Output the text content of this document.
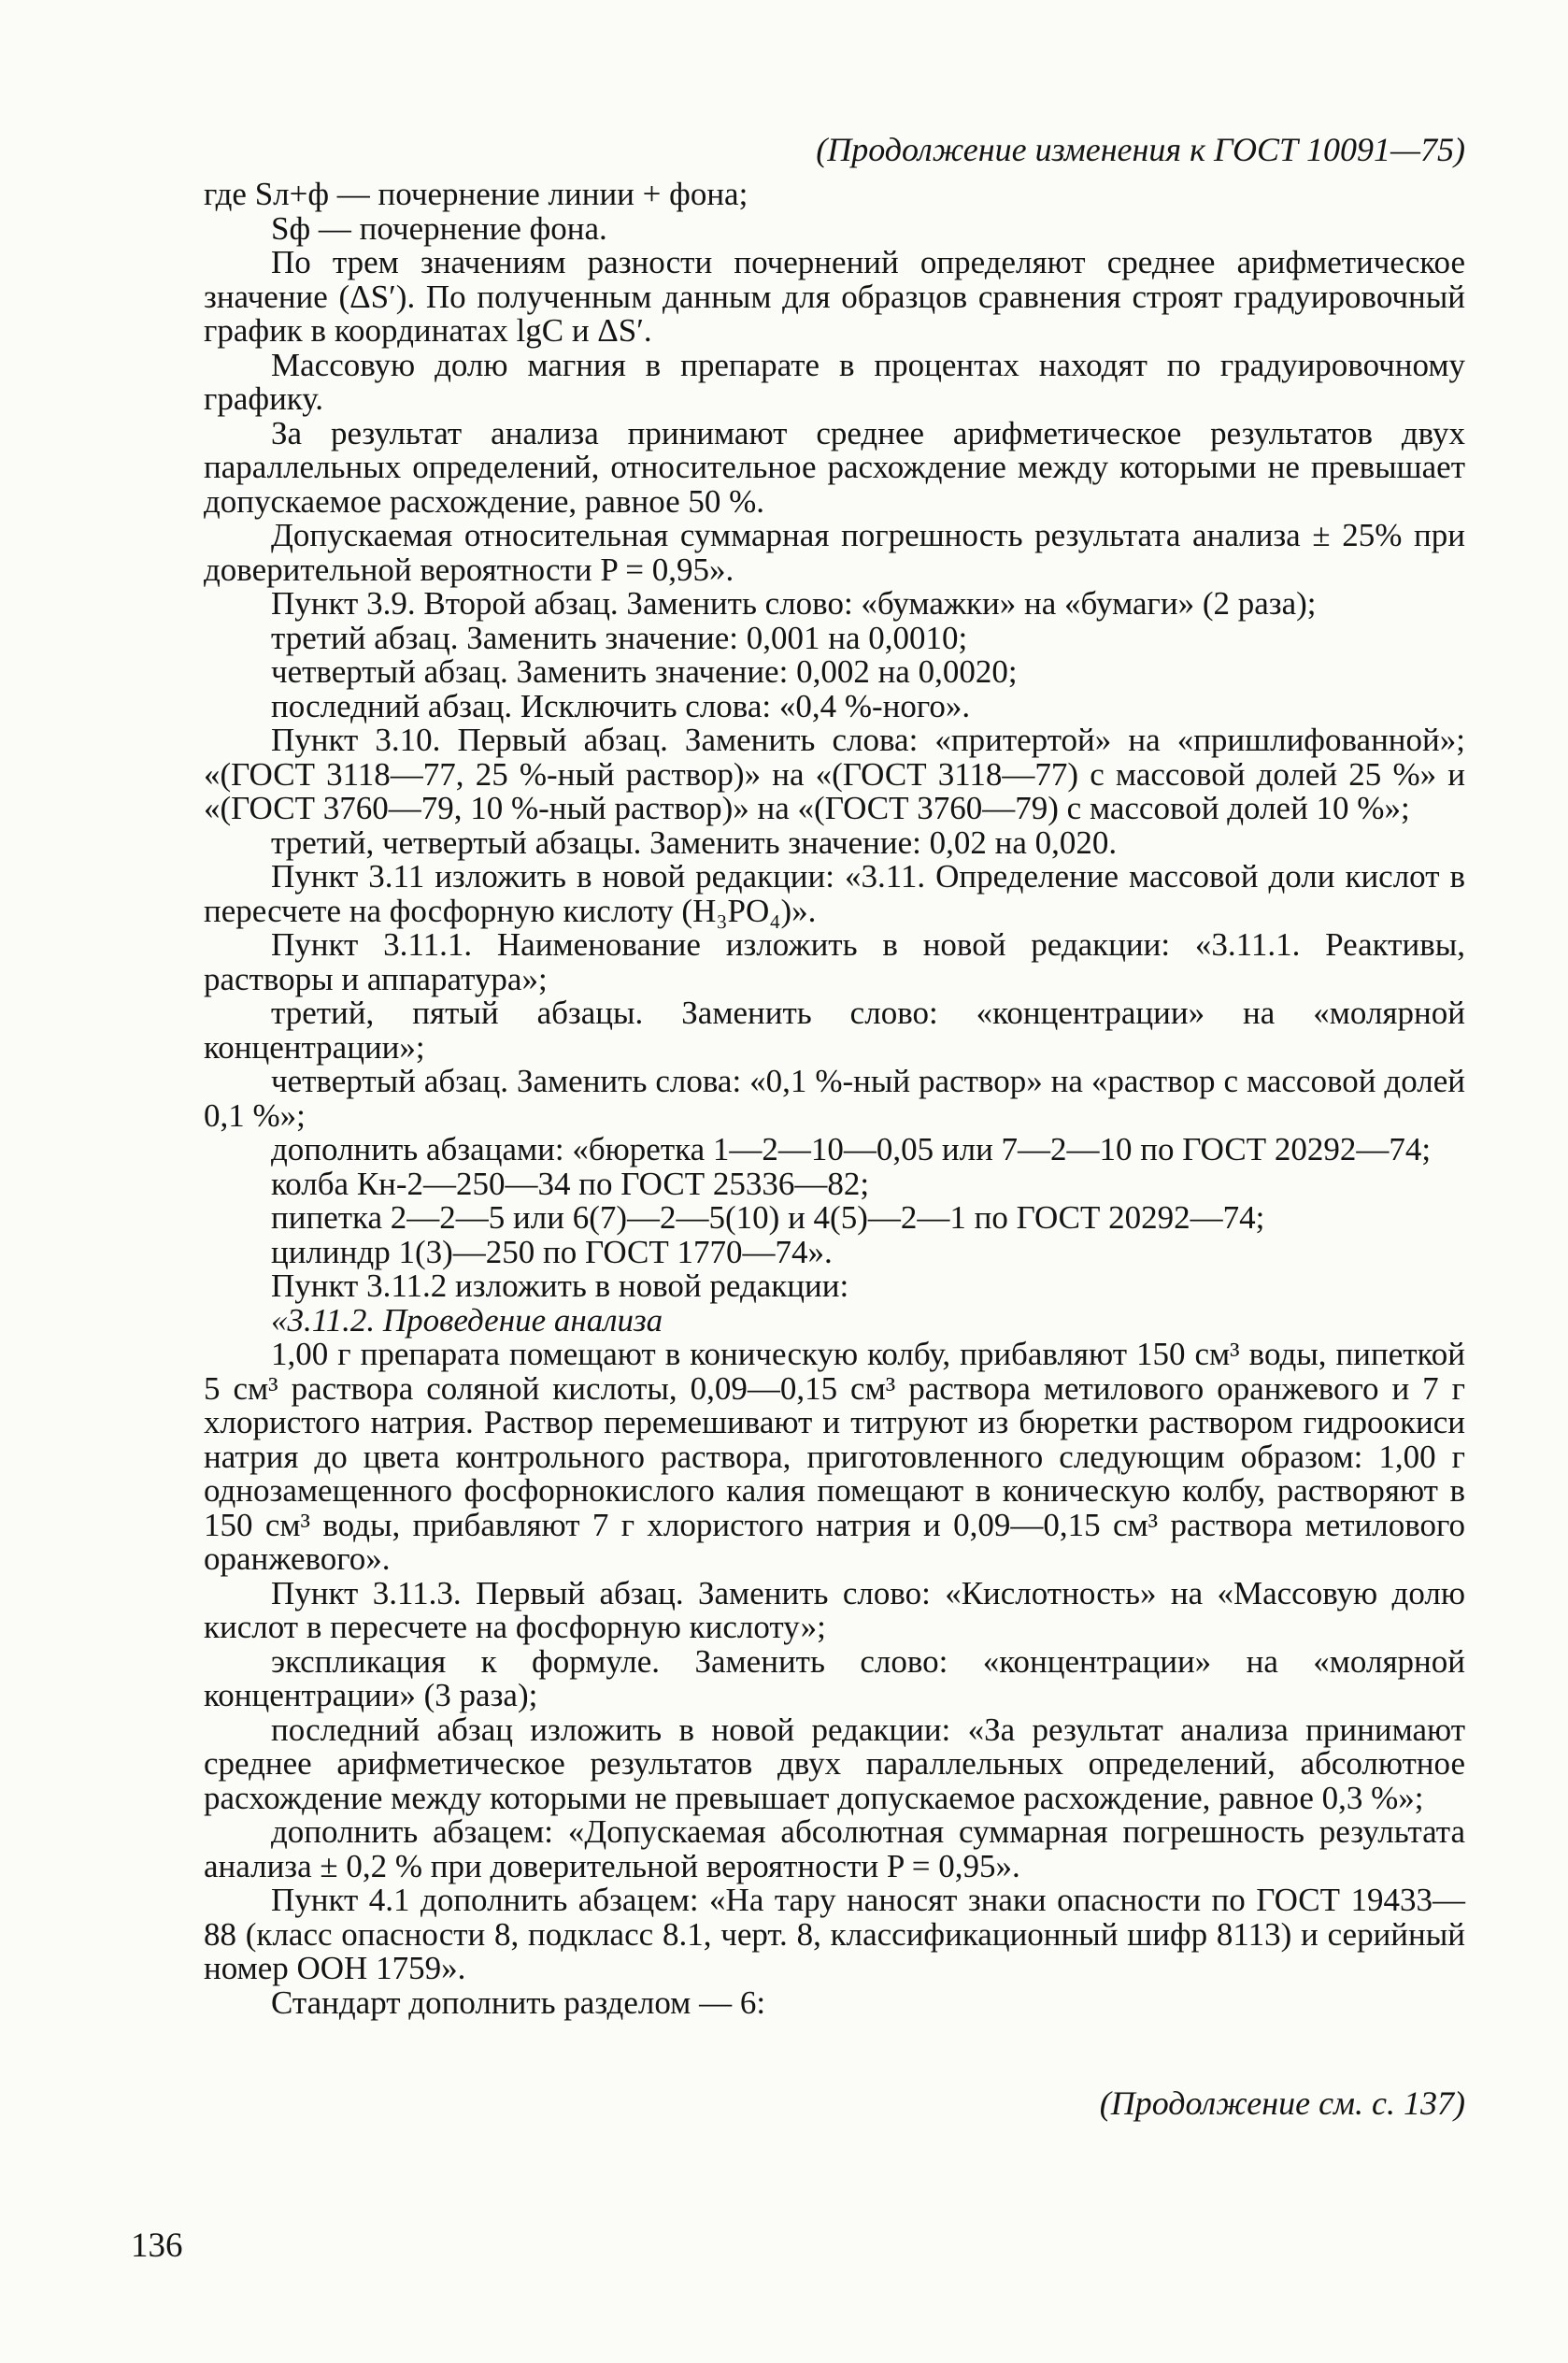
(Продолжение изменения к ГОСТ 10091—75)

где Sл+ф — почернение линии + фона;

Sф — почернение фона.

По трем значениям разности почернений определяют среднее арифметическое значение (ΔS′). По полученным данным для образцов сравнения строят градуировочный график в координатах lgC и ΔS′.

Массовую долю магния в препарате в процентах находят по градуировочному графику.

За результат анализа принимают среднее арифметическое результатов двух параллельных определений, относительное расхождение между которыми не превышает допускаемое расхождение, равное 50 %.

Допускаемая относительная суммарная погрешность результата анализа ± 25% при доверительной вероятности P = 0,95».

Пункт 3.9. Второй абзац. Заменить слово: «бумажки» на «бумаги» (2 раза);

третий абзац. Заменить значение: 0,001 на 0,0010;

четвертый абзац. Заменить значение: 0,002 на 0,0020;

последний абзац. Исключить слова: «0,4 %-ного».

Пункт 3.10. Первый абзац. Заменить слова: «притертой» на «пришлифованной»; «(ГОСТ 3118—77, 25 %-ный раствор)» на «(ГОСТ 3118—77) с массовой долей 25 %» и «(ГОСТ 3760—79, 10 %-ный раствор)» на «(ГОСТ 3760—79) с массовой долей 10 %»;

третий, четвертый абзацы. Заменить значение: 0,02 на 0,020.

Пункт 3.11 изложить в новой редакции: «3.11. Определение массовой доли кислот в пересчете на фосфорную кислоту (H₃PO₄)».

Пункт 3.11.1. Наименование изложить в новой редакции: «3.11.1. Реактивы, растворы и аппаратура»;

третий, пятый абзацы. Заменить слово: «концентрации» на «молярной концентрации»;

четвертый абзац. Заменить слова: «0,1 %-ный раствор» на «раствор с массовой долей 0,1 %»;

дополнить абзацами: «бюретка 1—2—10—0,05 или 7—2—10 по ГОСТ 20292—74;

колба Кн-2—250—34 по ГОСТ 25336—82;

пипетка 2—2—5 или 6(7)—2—5(10) и 4(5)—2—1 по ГОСТ 20292—74;

цилиндр 1(3)—250 по ГОСТ 1770—74».

Пункт 3.11.2 изложить в новой редакции:

«3.11.2. Проведение анализа

1,00 г препарата помещают в коническую колбу, прибавляют 150 см³ воды, пипеткой 5 см³ раствора соляной кислоты, 0,09—0,15 см³ раствора метилового оранжевого и 7 г хлористого натрия. Раствор перемешивают и титруют из бюретки раствором гидроокиси натрия до цвета контрольного раствора, приготовленного следующим образом: 1,00 г однозамещенного фосфорнокислого калия помещают в коническую колбу, растворяют в 150 см³ воды, прибавляют 7 г хлористого натрия и 0,09—0,15 см³ раствора метилового оранжевого».

Пункт 3.11.3. Первый абзац. Заменить слово: «Кислотность» на «Массовую долю кислот в пересчете на фосфорную кислоту»;

экспликация к формуле. Заменить слово: «концентрации» на «молярной концентрации» (3 раза);

последний абзац изложить в новой редакции: «За результат анализа принимают среднее арифметическое результатов двух параллельных определений, абсолютное расхождение между которыми не превышает допускаемое расхождение, равное 0,3 %»;

дополнить абзацем: «Допускаемая абсолютная суммарная погрешность результата анализа ± 0,2 % при доверительной вероятности P = 0,95».

Пункт 4.1 дополнить абзацем: «На тару наносят знаки опасности по ГОСТ 19433—88 (класс опасности 8, подкласс 8.1, черт. 8, классификационный шифр 8113) и серийный номер ООН 1759».

Стандарт дополнить разделом — 6:

(Продолжение см. с. 137)
136
